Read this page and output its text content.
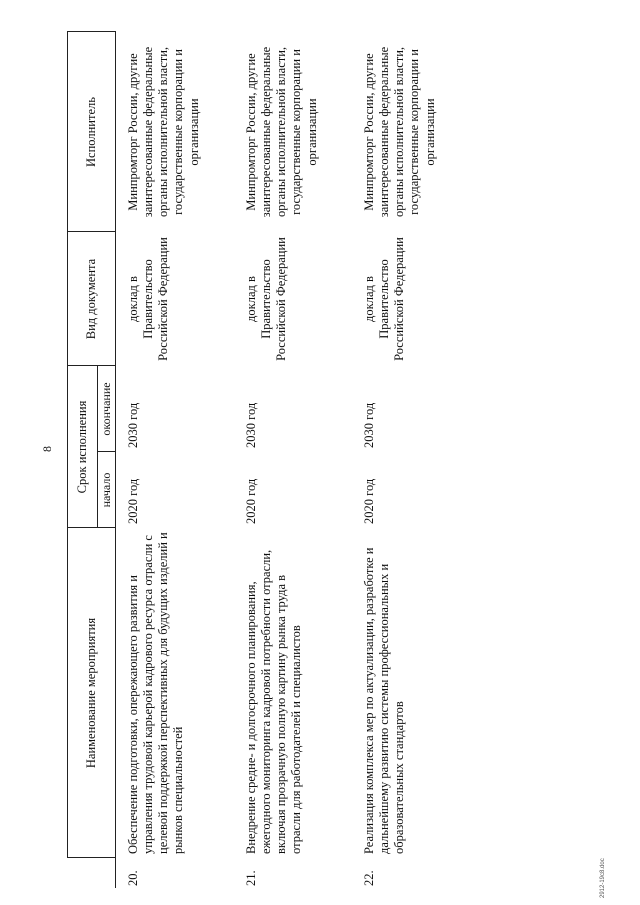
8
	Наименование мероприятия	Срок исполнения		Вид документа	Исполнитель
		начало	окончание		

20.	Обеспечение подготовки, опережающего развития и управления трудовой карьерой кадрового ресурса отрасли с целевой поддержкой перспективных для будущих изделий и рынков специальностей	2020 год	2030 год	доклад в Правительство Российской Федерации	Минпромторг России, другие заинтересованные федеральные органы исполнительной власти, государственные корпорации и организации
21.	Внедрение средне- и долгосрочного планирования, ежегодного мониторинга кадровой потребности отрасли, включая прозрачную полную картину рынка труда в отрасли для работодателей и специалистов	2020 год	2030 год	доклад в Правительство Российской Федерации	Минпромторг России, другие заинтересованные федеральные органы исполнительной власти, государственные корпорации и организации
22.	Реализация комплекса мер по актуализации, разработке и дальнейшему развитию системы профессиональных и образовательных стандартов	2020 год	2030 год	доклад в Правительство Российской Федерации	Минпромторг России, другие заинтересованные федеральные органы исполнительной власти, государственные корпорации и организации
2912-19c8.doc
